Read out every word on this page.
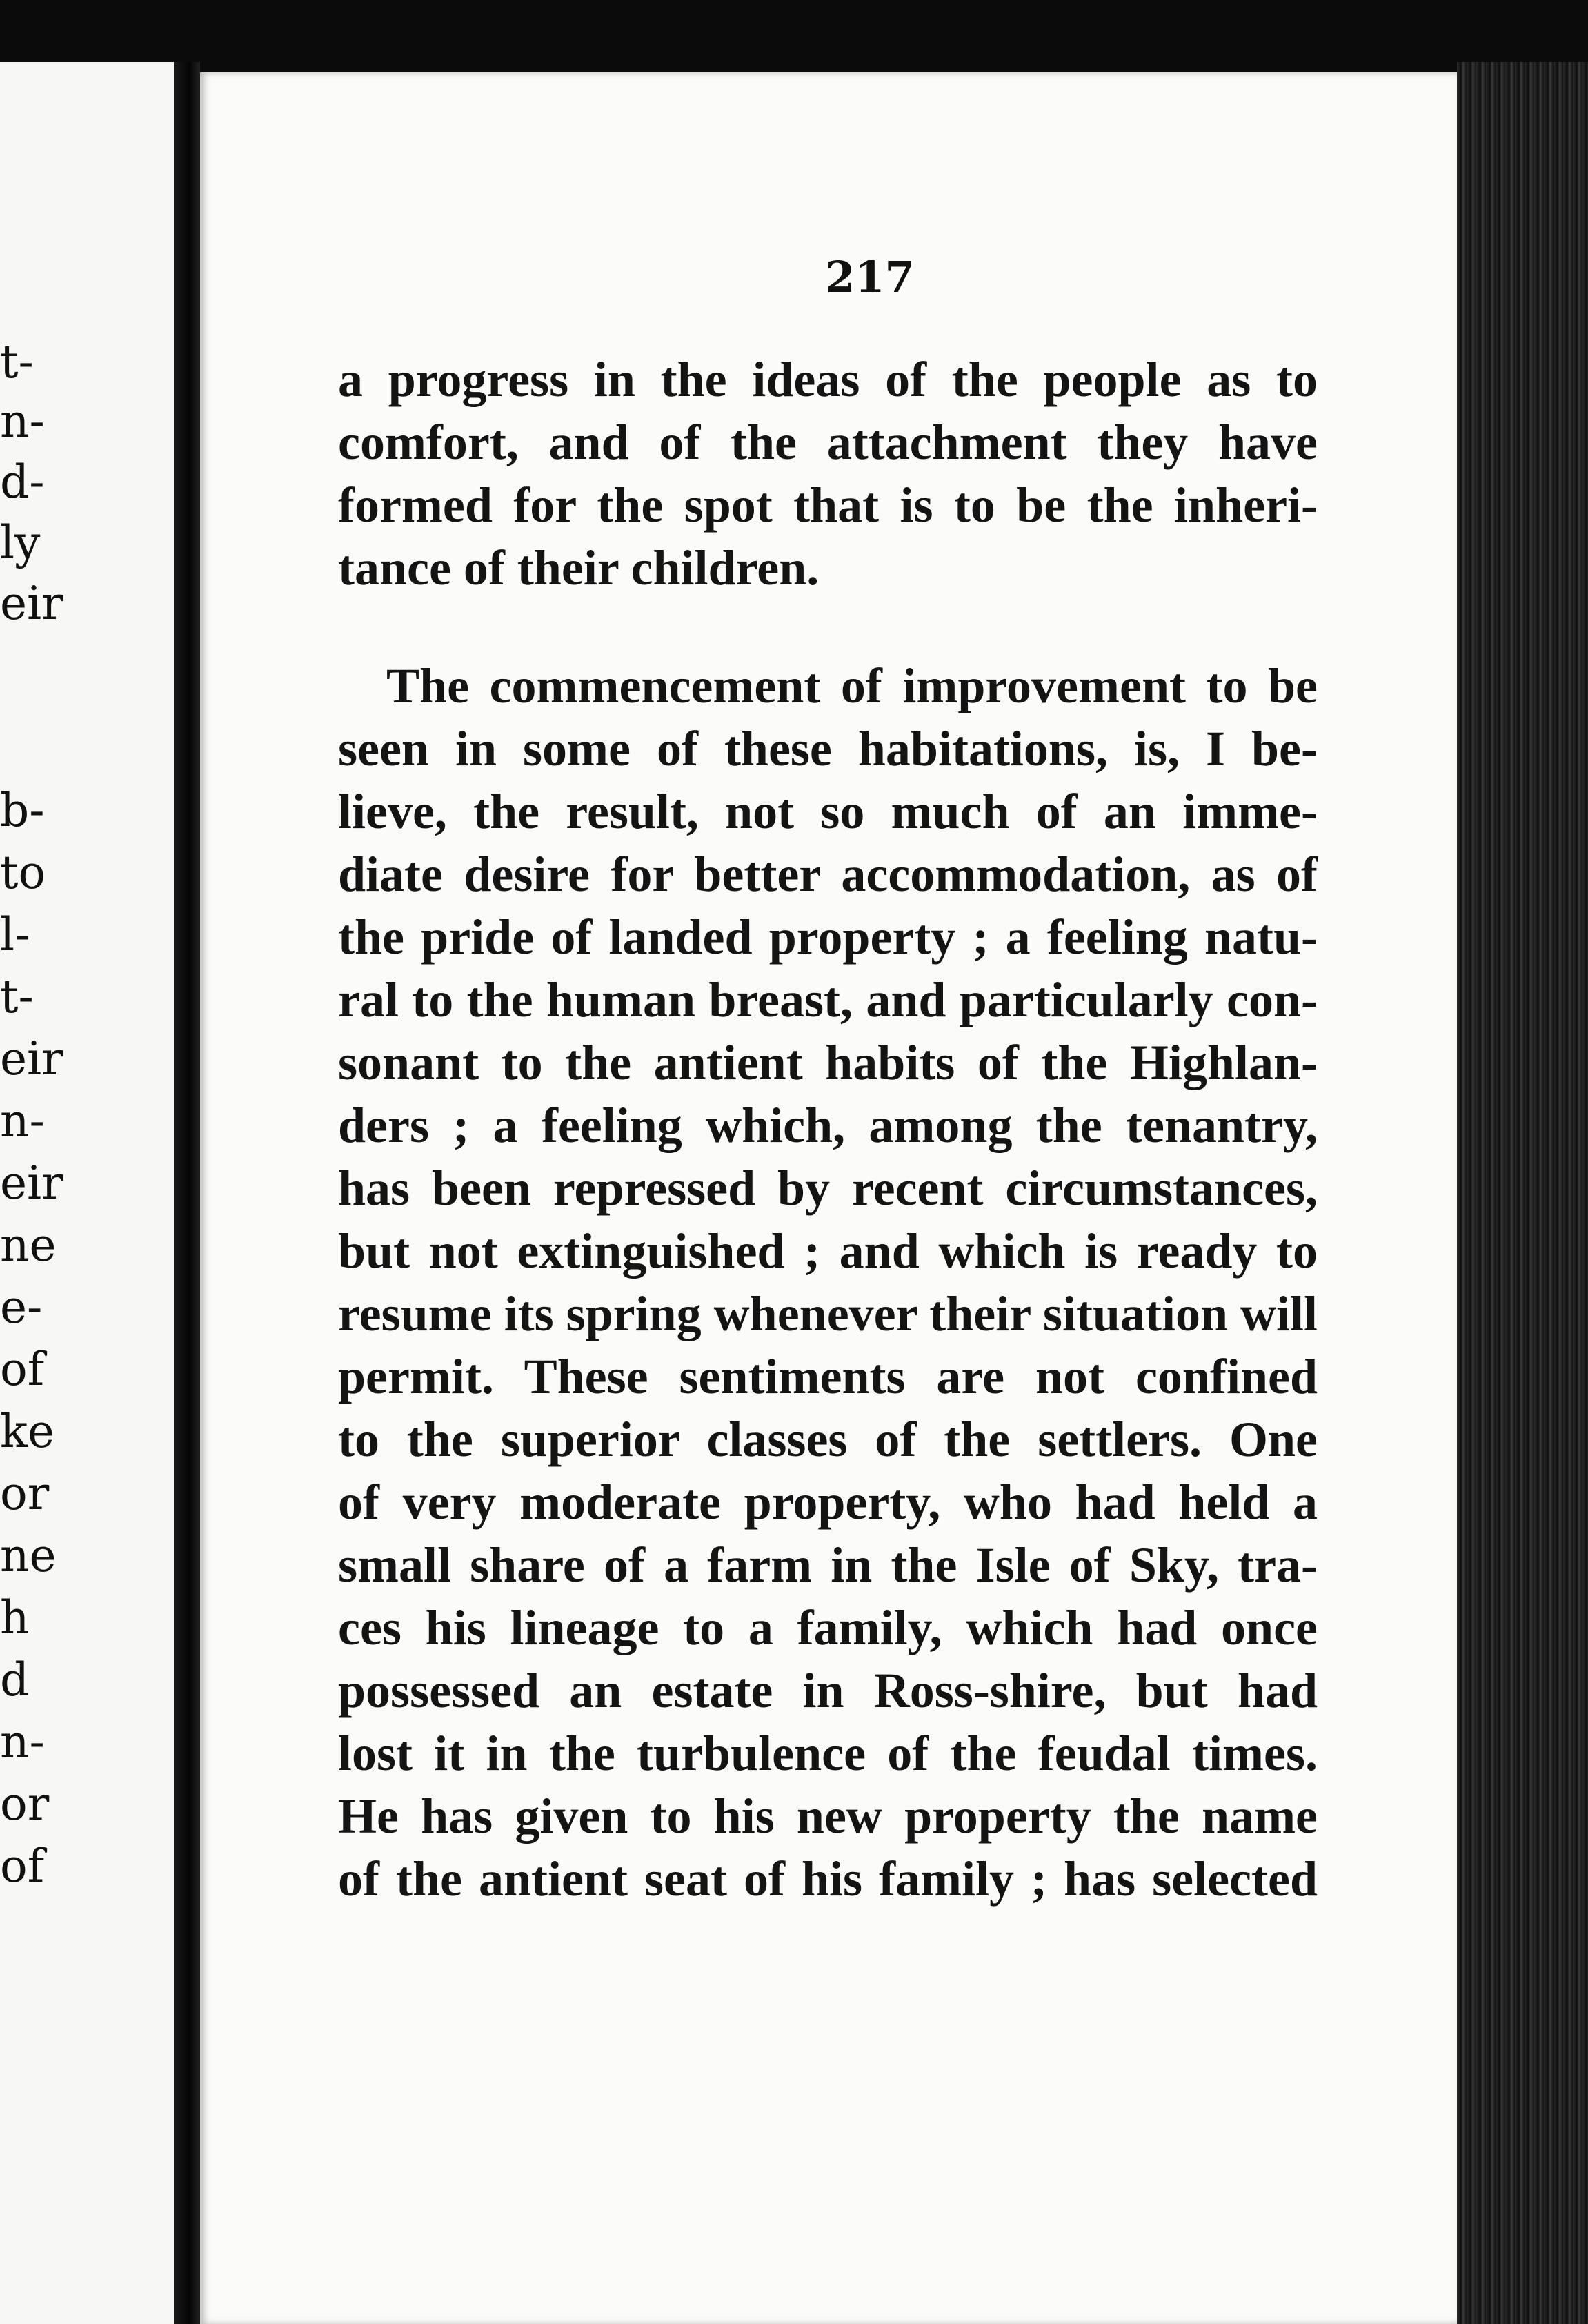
t-
n-
d-
ly
eir
b-
to
l-
t-
eir
n-
eir
ne
e-
of
ke
or
ne
h
d
n-
or
of
217
a progress in the ideas of the people as to
comfort, and of the attachment they have
formed for the spot that is to be the inheri-
tance of their children.
The commencement of improvement to be
seen in some of these habitations, is, I be-
lieve, the result, not so much of an imme-
diate desire for better accommodation, as of
the pride of landed property ; a feeling natu-
ral to the human breast, and particularly con-
sonant to the antient habits of the Highlan-
ders ; a feeling which, among the tenantry,
has been repressed by recent circumstances,
but not extinguished ; and which is ready to
resume its spring whenever their situation will
permit. These sentiments are not confined
to the superior classes of the settlers. One
of very moderate property, who had held a
small share of a farm in the Isle of Sky, tra-
ces his lineage to a family, which had once
possessed an estate in Ross-shire, but had
lost it in the turbulence of the feudal times.
He has given to his new property the name
of the antient seat of his family ; has selected
